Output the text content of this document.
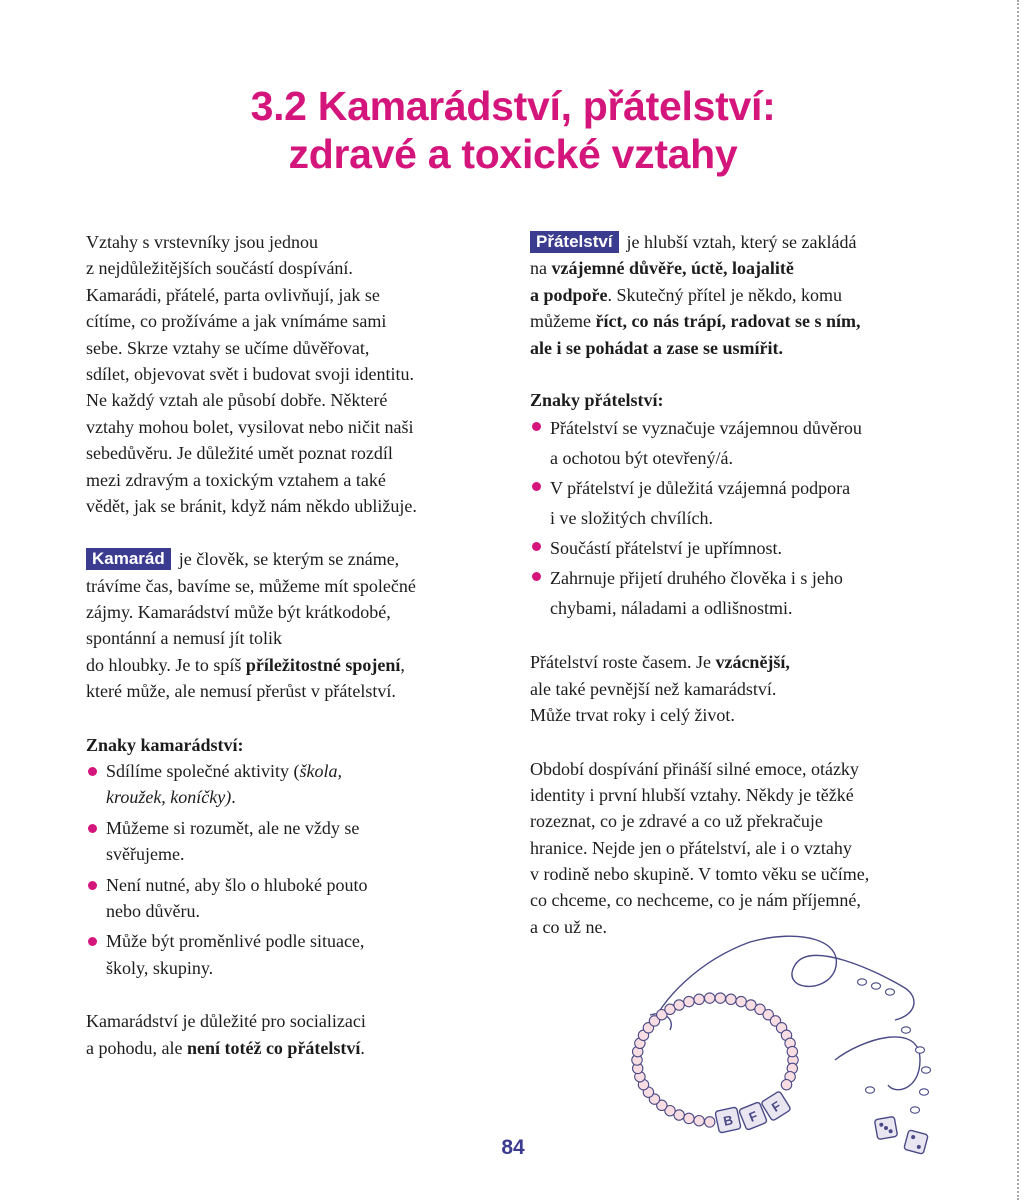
3.2 Kamarádství, přátelství:
zdravé a toxické vztahy

Vztahy s vrstevníky jsou jednou
z nejdůležitějších součástí dospívání.
Kamarádi, přátelé, parta ovlivňují, jak se
cítíme, co prožíváme a jak vnímáme sami
sebe. Skrze vztahy se učíme důvěřovat,
sdílet, objevovat svět i budovat svoji identitu.
Ne každý vztah ale působí dobře. Některé
vztahy mohou bolet, vysilovat nebo ničit naši
sebedůvěru. Je důležité umět poznat rozdíl
mezi zdravým a toxickým vztahem a také
vědět, jak se bránit, když nám někdo ubližuje.

Kamarád je člověk, se kterým se známe,
trávíme čas, bavíme se, můžeme mít společné
zájmy. Kamarádství může být krátkodobé,
spontánní a nemusí jít tolik
do hloubky. Je to spíš příležitostné spojení,
které může, ale nemusí přerůst v přátelství.

Znaky kamarádství:

Sdílíme společné aktivity (škola,
kroužek, koníčky).
Můžeme si rozumět, ale ne vždy se
svěřujeme.
Není nutné, aby šlo o hluboké pouto
nebo důvěru.
Může být proměnlivé podle situace,
školy, skupiny.

Kamarádství je důležité pro socializaci
a pohodu, ale není totéž co přátelství.

Přátelství je hlubší vztah, který se zakládá
na vzájemné důvěře, úctě, loajalitě
a podpoře. Skutečný přítel je někdo, komu
můžeme říct, co nás trápí, radovat se s ním,
ale i se pohádat a zase se usmířit.

Znaky přátelství:

Přátelství se vyznačuje vzájemnou důvěrou
a ochotou být otevřený/á.
V přátelství je důležitá vzájemná podpora
i ve složitých chvílích.
Součástí přátelství je upřímnost.
Zahrnuje přijetí druhého člověka i s jeho
chybami, náladami a odlišnostmi.

Přátelství roste časem. Je vzácnější,
ale také pevnější než kamarádství.
Může trvat roky i celý život.

Období dospívání přináší silné emoce, otázky
identity i první hlubší vztahy. Někdy je těžké
rozeznat, co je zdravé a co už překračuje
hranice. Nejde jen o přátelství, ale i o vztahy
v rodině nebo skupině. V tomto věku se učíme,
co chceme, co nechceme, co je nám příjemné,
a co už ne.

B F
F
84
